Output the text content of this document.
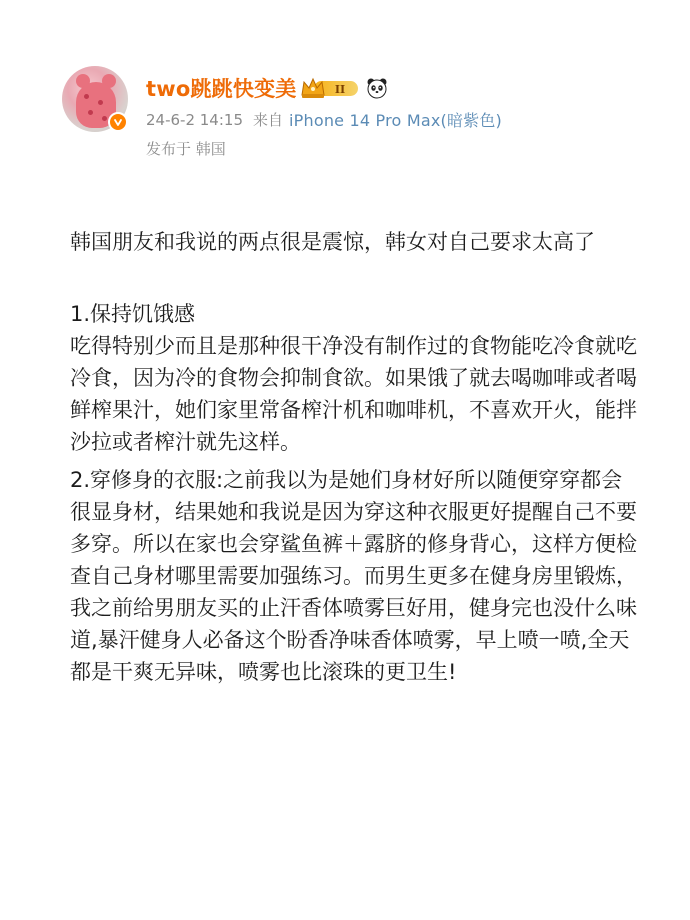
two跳跳快变美	II
24-6-2 14:15 来自 iPhone 14 Pro Max(暗紫色)
发布于 韩国

韩国朋友和我说的两点很是震惊，韩女对自己要求太高了

1.保持饥饿感
吃得特别少而且是那种很干净没有制作过的食物能吃冷食就吃冷食，因为冷的食物会抑制食欲。如果饿了就去喝咖啡或者喝鲜榨果汁，她们家里常备榨汁机和咖啡机，不喜欢开火，能拌沙拉或者榨汁就先这样。

2.穿修身的衣服:之前我以为是她们身材好所以随便穿穿都会很显身材，结果她和我说是因为穿这种衣服更好提醒自己不要多穿。所以在家也会穿鲨鱼裤＋露脐的修身背心，这样方便检查自己身材哪里需要加强练习。而男生更多在健身房里锻炼，我之前给男朋友买的止汗香体喷雾巨好用，健身完也没什么味道,暴汗健身人必备这个盼香净味香体喷雾，早上喷一喷,全天都是干爽无异味，喷雾也比滚珠的更卫生!
